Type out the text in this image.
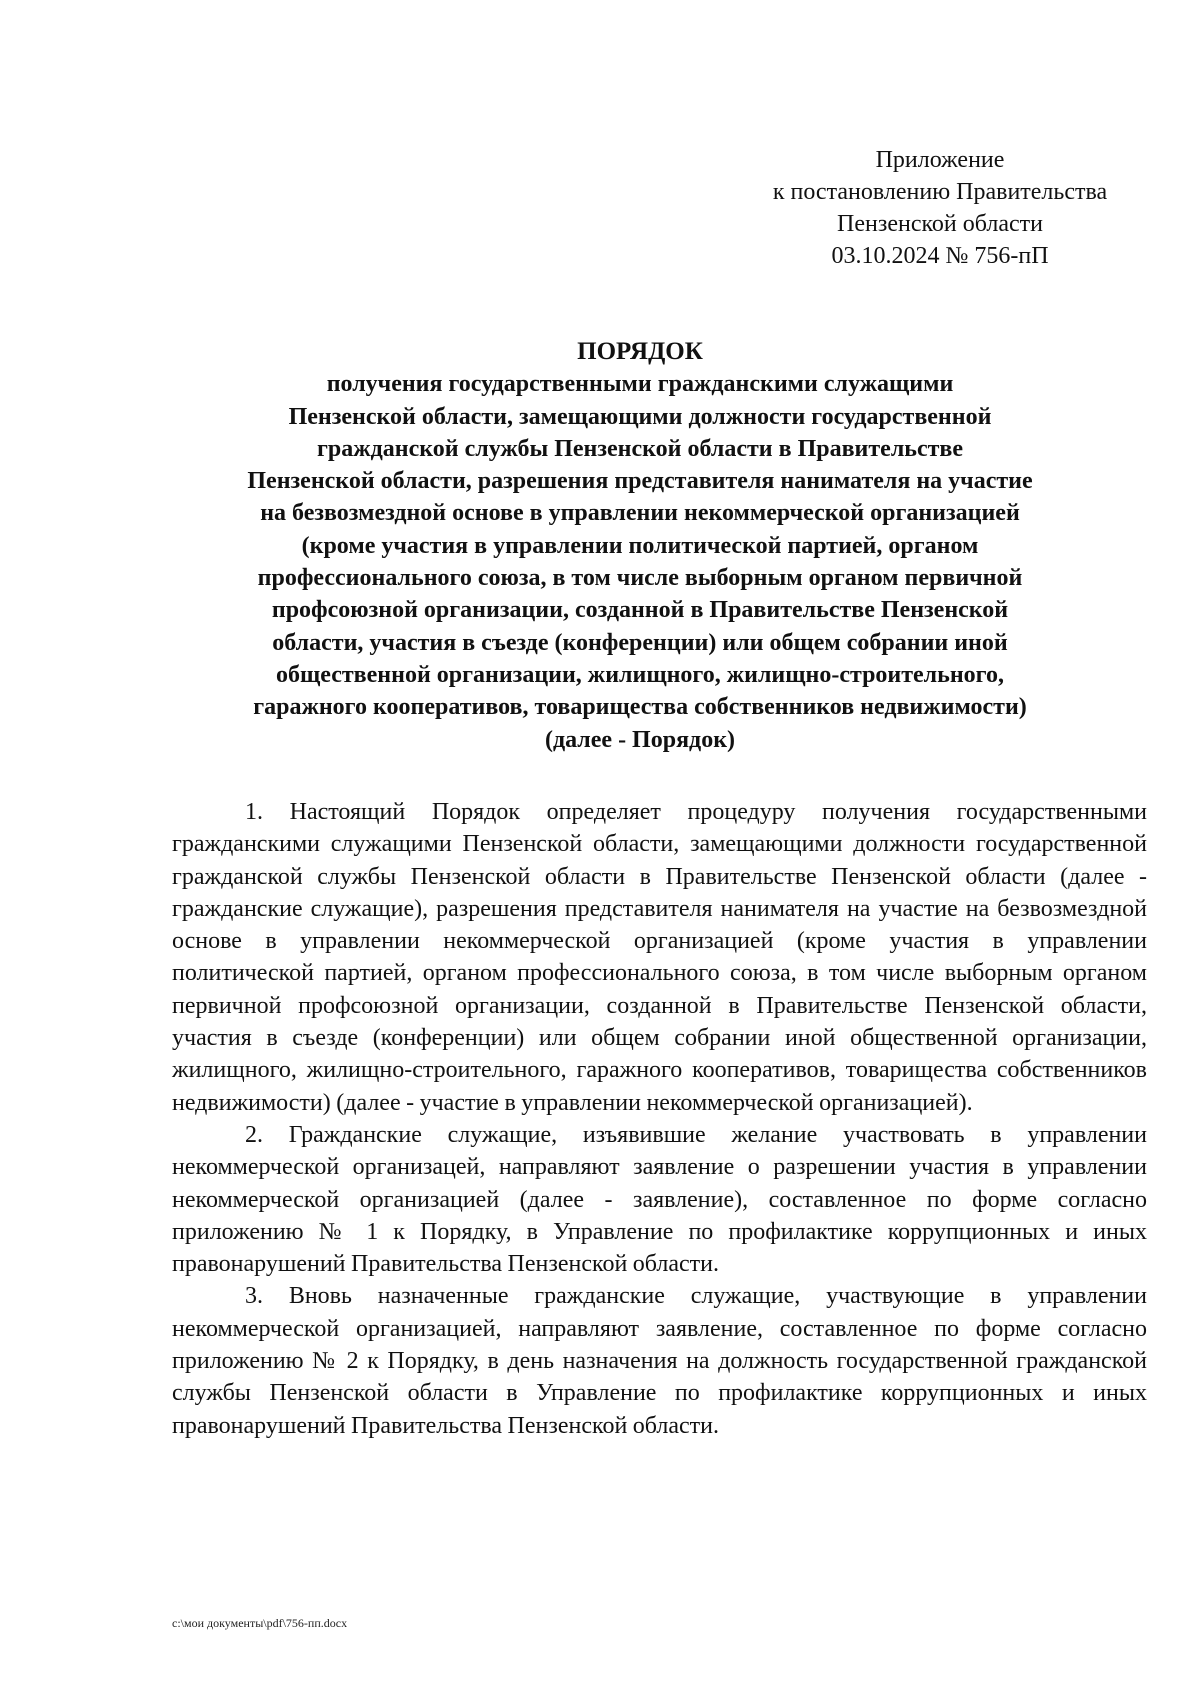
Приложение
к постановлению Правительства
Пензенской области
03.10.2024 № 756-пП
ПОРЯДОК
получения государственными гражданскими служащими
Пензенской области, замещающими должности государственной
гражданской службы Пензенской области в Правительстве
Пензенской области, разрешения представителя нанимателя на участие
на безвозмездной основе в управлении некоммерческой организацией
(кроме участия в управлении политической партией, органом
профессионального союза, в том числе выборным органом первичной
профсоюзной организации, созданной в Правительстве Пензенской
области, участия в съезде (конференции) или общем собрании иной
общественной организации, жилищного, жилищно-строительного,
гаражного кооперативов, товарищества собственников недвижимости)
(далее - Порядок)

1. Настоящий Порядок определяет процедуру получения государственными гражданскими служащими Пензенской области, замещающими должности государственной гражданской службы Пензенской области в Правительстве Пензенской области (далее - гражданские служащие), разрешения представителя нанимателя на участие на безвозмездной основе в управлении некоммерческой организацией (кроме участия в управлении политической партией, органом профессионального союза, в том числе выборным органом первичной профсоюзной организации, созданной в Правительстве Пензенской области, участия в съезде (конференции) или общем собрании иной общественной организации, жилищного, жилищно-строительного, гаражного кооперативов, товарищества собственников недвижимости) (далее - участие в управлении некоммерческой организацией).

2. Гражданские служащие, изъявившие желание участвовать в управлении некоммерческой организацей, направляют заявление о разрешении участия в управлении некоммерческой организацией (далее - заявление), составленное по форме согласно приложению № 1 к Порядку, в Управление по профилактике коррупционных и иных правонарушений Правительства Пензенской области.

3. Вновь назначенные гражданские служащие, участвующие в управлении некоммерческой организацией, направляют заявление, составленное по форме согласно приложению № 2 к Порядку, в день назначения на должность государственной гражданской службы Пензенской области в Управление по профилактике коррупционных и иных правонарушений Правительства Пензенской области.

c:\мои документы\pdf\756-пп.docx
